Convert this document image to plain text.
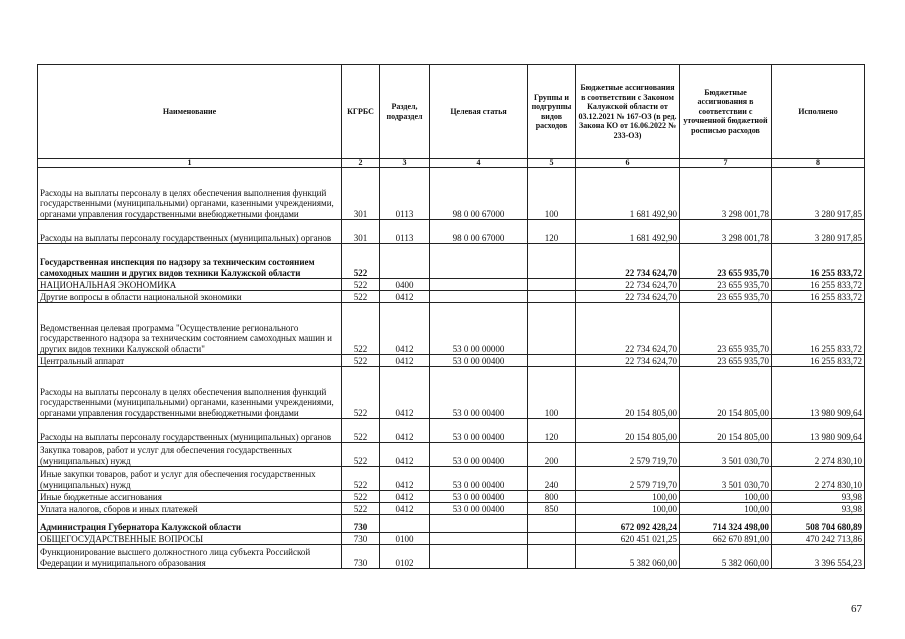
Наименование	КГРБС	Раздел, подраздел	Целевая статья	Группы и подгруппы видов расходов	Бюджетные ассигнования в соответствии с Законом Калужской области от 03.12.2021 № 167-ОЗ (в ред. Закона КО от 16.06.2022 № 233-ОЗ)	Бюджетные ассигнования в соответствии с уточненной бюджетной росписью расходов	Исполнено
1	2	3	4	5	6	7	8
Расходы на выплаты персоналу в целях обеспечения выполнения функций государственными (муниципальными) органами, казенными учреждениями, органами управления государственными внебюджетными фондами	301	0113	98 0 00 67000	100	1 681 492,90	3 298 001,78	3 280 917,85
Расходы на выплаты персоналу государственных (муниципальных) органов	301	0113	98 0 00 67000	120	1 681 492,90	3 298 001,78	3 280 917,85
Государственная инспекция по надзору за техническим состоянием самоходных машин и других видов техники Калужской области	522				22 734 624,70	23 655 935,70	16 255 833,72
НАЦИОНАЛЬНАЯ ЭКОНОМИКА	522	0400			22 734 624,70	23 655 935,70	16 255 833,72
Другие вопросы в области национальной экономики	522	0412			22 734 624,70	23 655 935,70	16 255 833,72
Ведомственная целевая программа "Осуществление регионального государственного надзора за техническим состоянием самоходных машин и других видов техники Калужской области"	522	0412	53 0 00 00000		22 734 624,70	23 655 935,70	16 255 833,72
Центральный аппарат	522	0412	53 0 00 00400		22 734 624,70	23 655 935,70	16 255 833,72
Расходы на выплаты персоналу в целях обеспечения выполнения функций государственными (муниципальными) органами, казенными учреждениями, органами управления государственными внебюджетными фондами	522	0412	53 0 00 00400	100	20 154 805,00	20 154 805,00	13 980 909,64
Расходы на выплаты персоналу государственных (муниципальных) органов	522	0412	53 0 00 00400	120	20 154 805,00	20 154 805,00	13 980 909,64
Закупка товаров, работ и услуг для обеспечения государственных (муниципальных) нужд	522	0412	53 0 00 00400	200	2 579 719,70	3 501 030,70	2 274 830,10
Иные закупки товаров, работ и услуг для обеспечения государственных (муниципальных) нужд	522	0412	53 0 00 00400	240	2 579 719,70	3 501 030,70	2 274 830,10
Иные бюджетные ассигнования	522	0412	53 0 00 00400	800	100,00	100,00	93,98
Уплата налогов, сборов и иных платежей	522	0412	53 0 00 00400	850	100,00	100,00	93,98
Администрация Губернатора Калужской области	730				672 092 428,24	714 324 498,00	508 704 680,89
ОБЩЕГОСУДАРСТВЕННЫЕ ВОПРОСЫ	730	0100			620 451 021,25	662 670 891,00	470 242 713,86
Функционирование высшего должностного лица субъекта Российской Федерации и муниципального образования	730	0102			5 382 060,00	5 382 060,00	3 396 554,23
67
